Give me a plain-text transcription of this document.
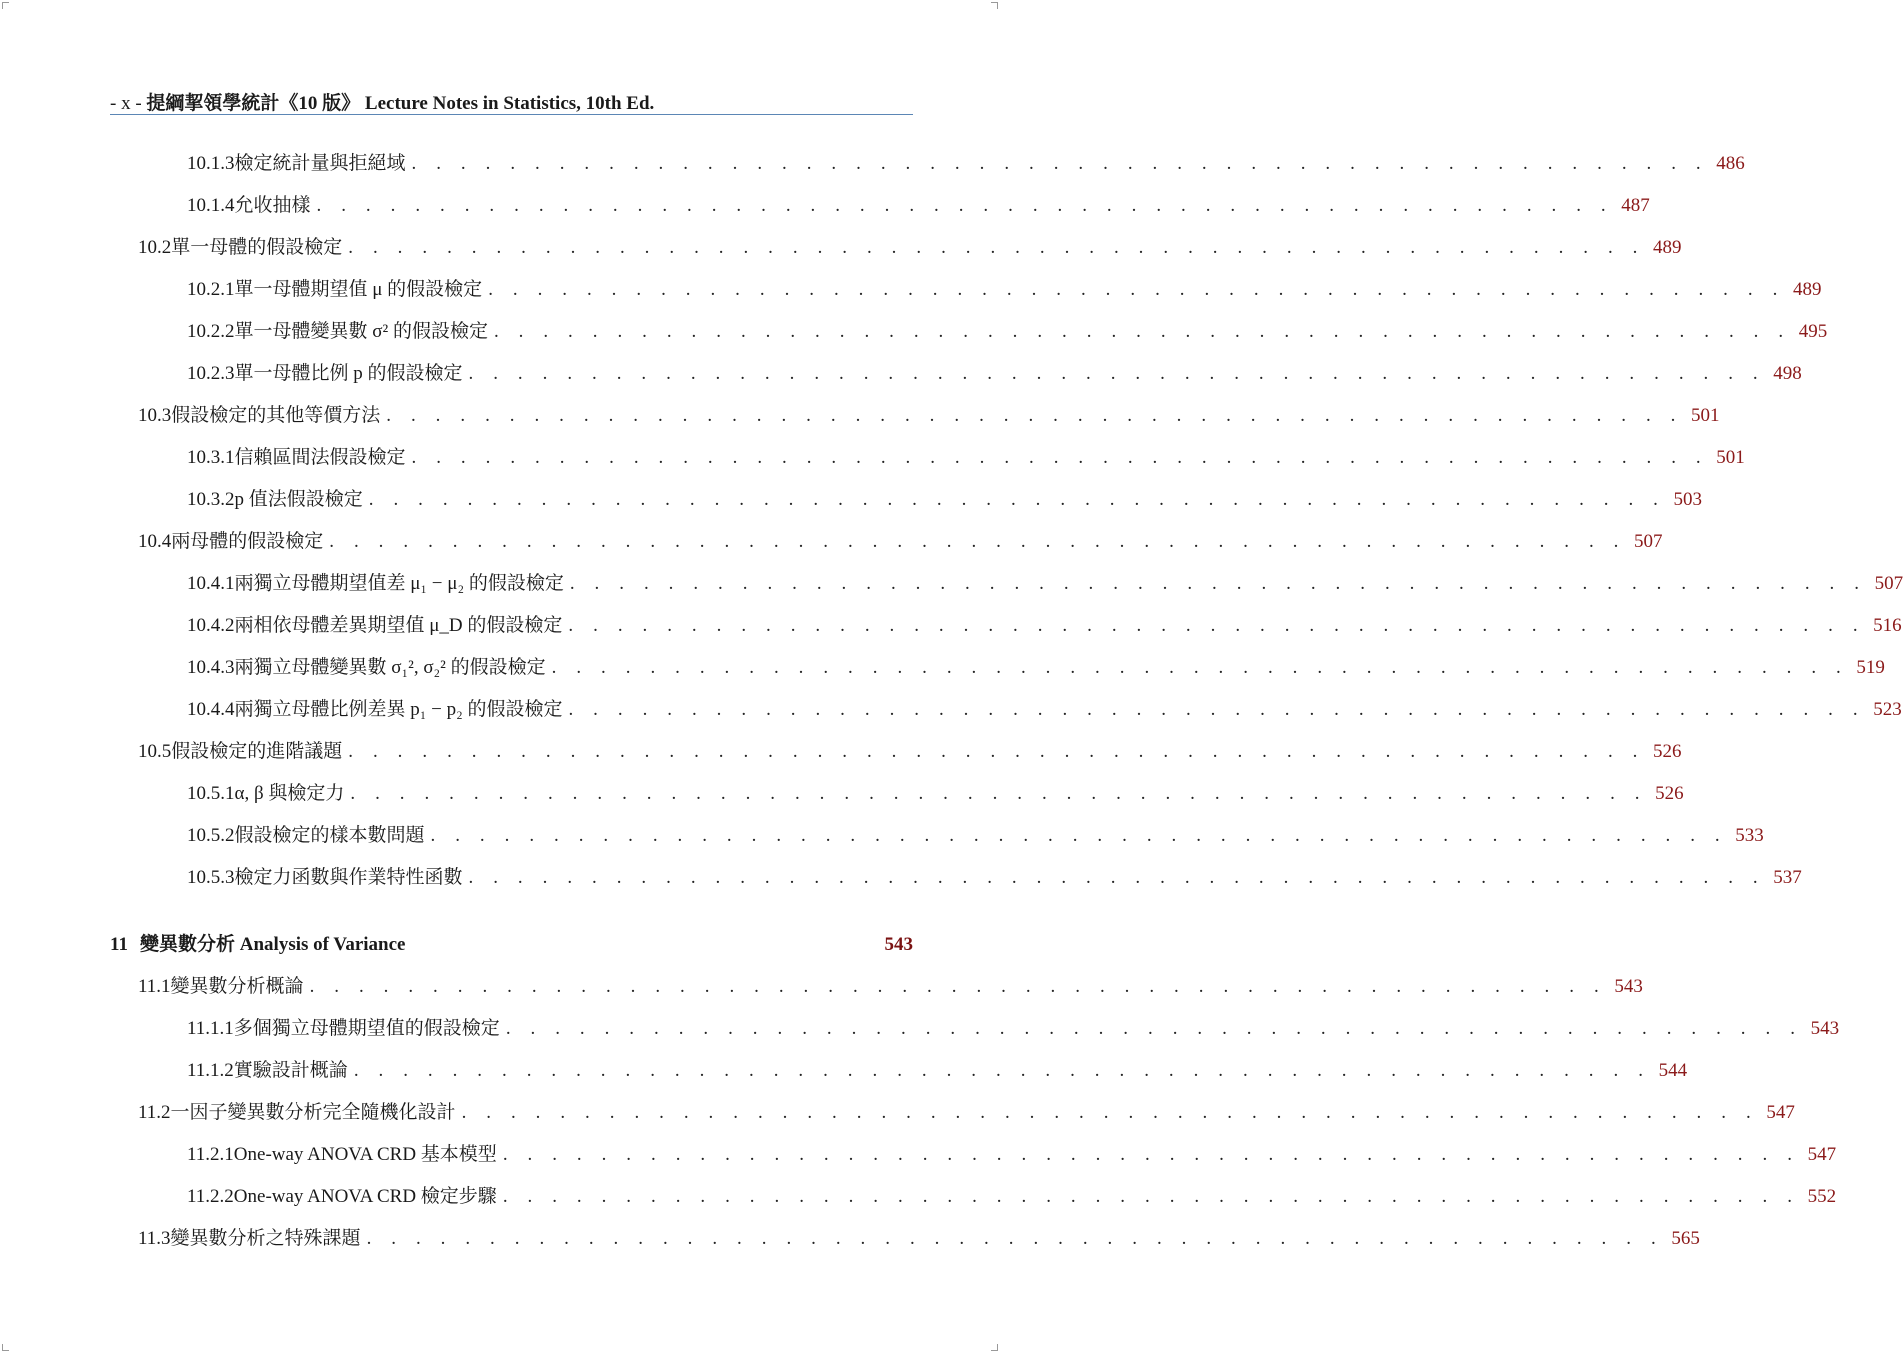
- x - 提綱挈領學統計《10 版》 Lecture Notes in Statistics, 10th Ed.
10.1.3 檢定統計量與拒絕域 . . . . . . . . . . . . . . . . . . . . . . . . . . . . . . . . . . . . . . . . . . . . . . . . . . . . . 486
10.1.4 允收抽樣 . . . . . . . . . . . . . . . . . . . . . . . . . . . . . . . . . . . . . . . . . . . . . . . . . . . . . 487
10.2 單一母體的假設檢定 . . . . . . . . . . . . . . . . . . . . . . . . . . . . . . . . . . . . . . . . . . . . . . . . . . . . . 489
10.2.1 單一母體期望值 μ 的假設檢定 . . . . . . . . . . . . . . . . . . . . . . . . . . . . . . . . . . . . . . . . . . . . . . . . . . . . . 489
10.2.2 單一母體變異數 σ² 的假設檢定 . . . . . . . . . . . . . . . . . . . . . . . . . . . . . . . . . . . . . . . . . . . . . . . . . . . . . 495
10.2.3 單一母體比例 p 的假設檢定 . . . . . . . . . . . . . . . . . . . . . . . . . . . . . . . . . . . . . . . . . . . . . . . . . . . . . 498
10.3 假設檢定的其他等價方法 . . . . . . . . . . . . . . . . . . . . . . . . . . . . . . . . . . . . . . . . . . . . . . . . . . . . . 501
10.3.1 信賴區間法假設檢定 . . . . . . . . . . . . . . . . . . . . . . . . . . . . . . . . . . . . . . . . . . . . . . . . . . . . . 501
10.3.2 p 值法假設檢定 . . . . . . . . . . . . . . . . . . . . . . . . . . . . . . . . . . . . . . . . . . . . . . . . . . . . . 503
10.4 兩母體的假設檢定 . . . . . . . . . . . . . . . . . . . . . . . . . . . . . . . . . . . . . . . . . . . . . . . . . . . . . 507
10.4.1 兩獨立母體期望值差 μ₁ − μ₂ 的假設檢定 . . . . . . . . . . . . . . . . . . . . . . . . . . . . . . . . . . . . . . . . . . . . . . . . . . . . . 507
10.4.2 兩相依母體差異期望值 μ_D 的假設檢定 . . . . . . . . . . . . . . . . . . . . . . . . . . . . . . . . . . . . . . . . . . . . . . . . . . . . . 516
10.4.3 兩獨立母體變異數 σ₁², σ₂² 的假設檢定 . . . . . . . . . . . . . . . . . . . . . . . . . . . . . . . . . . . . . . . . . . . . . . . . . . . . . 519
10.4.4 兩獨立母體比例差異 p₁ − p₂ 的假設檢定 . . . . . . . . . . . . . . . . . . . . . . . . . . . . . . . . . . . . . . . . . . . . . . . . . . . . . 523
10.5 假設檢定的進階議題 . . . . . . . . . . . . . . . . . . . . . . . . . . . . . . . . . . . . . . . . . . . . . . . . . . . . . 526
10.5.1 α, β 與檢定力 . . . . . . . . . . . . . . . . . . . . . . . . . . . . . . . . . . . . . . . . . . . . . . . . . . . . . 526
10.5.2 假設檢定的樣本數問題 . . . . . . . . . . . . . . . . . . . . . . . . . . . . . . . . . . . . . . . . . . . . . . . . . . . . . 533
10.5.3 檢定力函數與作業特性函數 . . . . . . . . . . . . . . . . . . . . . . . . . . . . . . . . . . . . . . . . . . . . . . . . . . . . . 537
11 變異數分析 Analysis of Variance	543
11.1 變異數分析概論 . . . . . . . . . . . . . . . . . . . . . . . . . . . . . . . . . . . . . . . . . . . . . . . . . . . . . 543
11.1.1 多個獨立母體期望值的假設檢定 . . . . . . . . . . . . . . . . . . . . . . . . . . . . . . . . . . . . . . . . . . . . . . . . . . . . . 543
11.1.2 實驗設計概論 . . . . . . . . . . . . . . . . . . . . . . . . . . . . . . . . . . . . . . . . . . . . . . . . . . . . . 544
11.2 一因子變異數分析完全隨機化設計 . . . . . . . . . . . . . . . . . . . . . . . . . . . . . . . . . . . . . . . . . . . . . . . . . . . . . 547
11.2.1 One-way ANOVA CRD 基本模型 . . . . . . . . . . . . . . . . . . . . . . . . . . . . . . . . . . . . . . . . . . . . . . . . . . . . . 547
11.2.2 One-way ANOVA CRD 檢定步驟 . . . . . . . . . . . . . . . . . . . . . . . . . . . . . . . . . . . . . . . . . . . . . . . . . . . . . 552
11.3 變異數分析之特殊課題 . . . . . . . . . . . . . . . . . . . . . . . . . . . . . . . . . . . . . . . . . . . . . . . . . . . . . 565
